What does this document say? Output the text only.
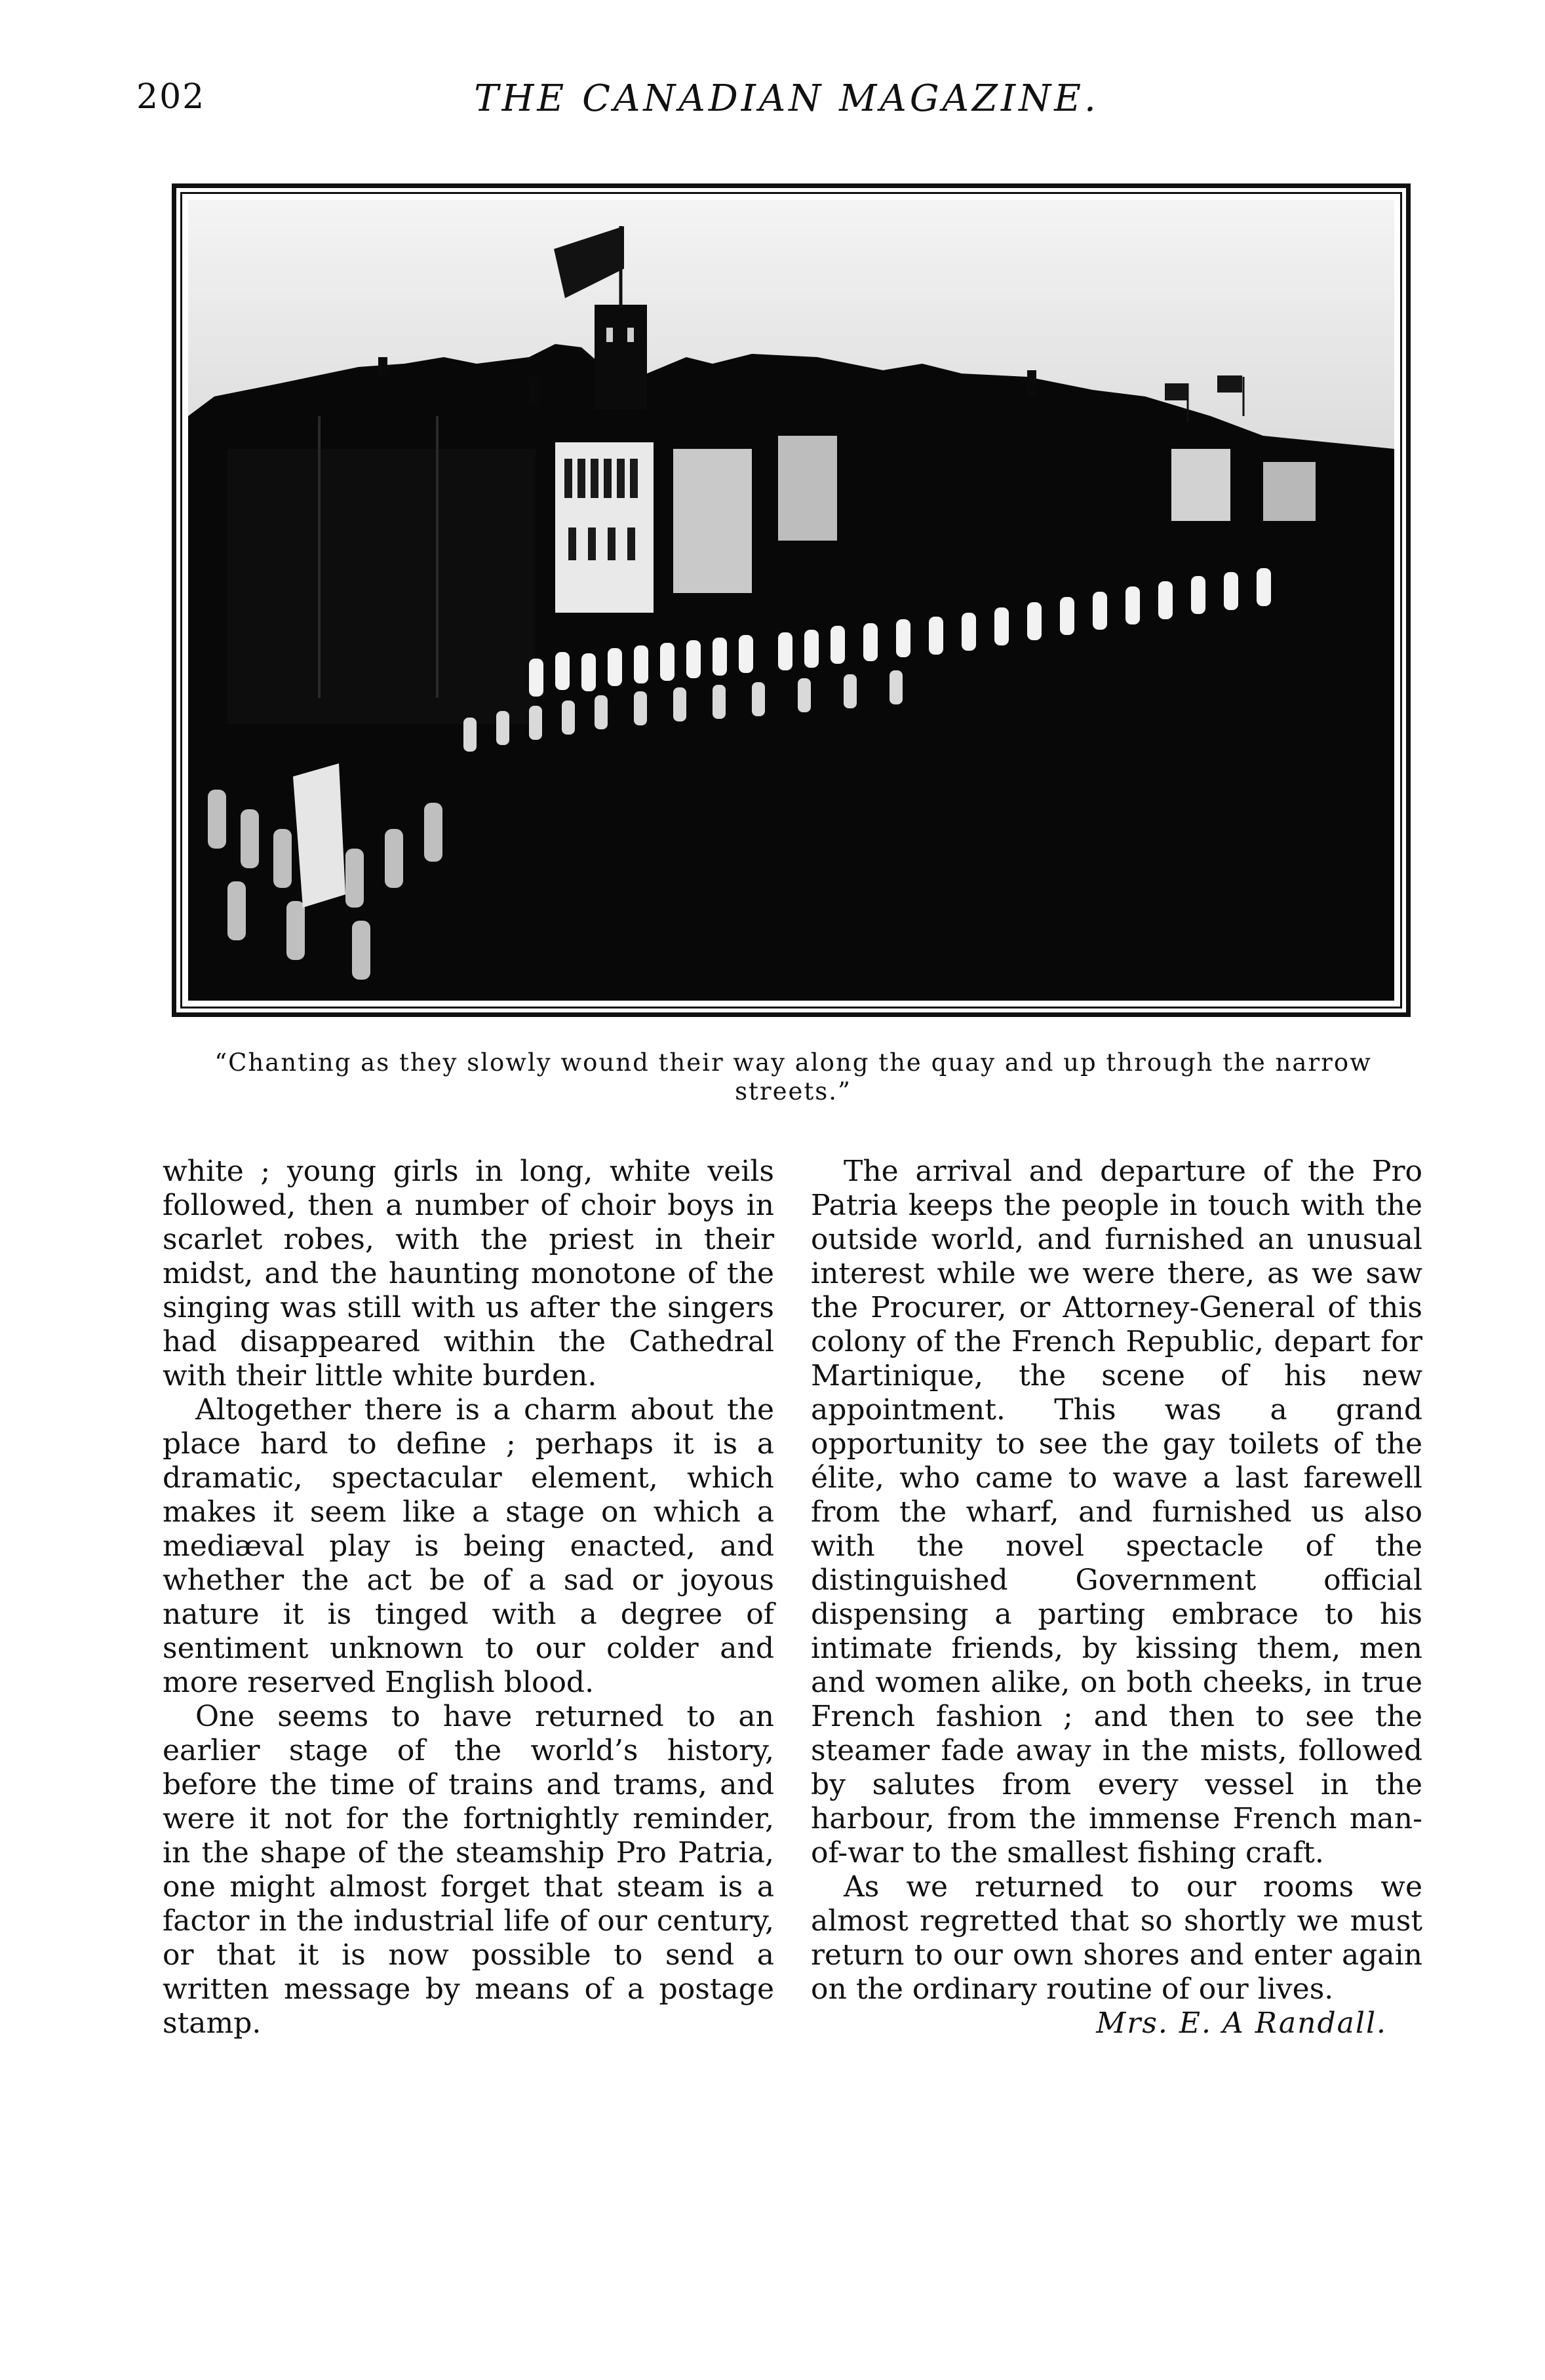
202	THE CANADIAN MAGAZINE.
“Chanting as they slowly wound their way along the quay and up through the narrow streets.”

white ; young girls in long, white veils followed, then a number of choir boys in scarlet robes, with the priest in their midst, and the haunting monotone of the singing was still with us after the singers had disappeared within the Cathedral with their little white burden.

Altogether there is a charm about the place hard to define ; perhaps it is a dramatic, spectacular element, which makes it seem like a stage on which a mediæval play is being enacted, and whether the act be of a sad or joyous nature it is tinged with a degree of sentiment unknown to our colder and more reserved English blood.

One seems to have returned to an earlier stage of the world’s history, before the time of trains and trams, and were it not for the fortnightly reminder, in the shape of the steamship Pro Patria, one might almost forget that steam is a factor in the industrial life of our century, or that it is now possible to send a written message by means of a postage stamp.

The arrival and departure of the Pro Patria keeps the people in touch with the outside world, and furnished an unusual interest while we were there, as we saw the Procurer, or Attorney-General of this colony of the French Republic, depart for Martinique, the scene of his new appointment. This was a grand opportunity to see the gay toilets of the élite, who came to wave a last farewell from the wharf, and furnished us also with the novel spectacle of the distinguished Government official dispensing a parting embrace to his intimate friends, by kissing them, men and women alike, on both cheeks, in true French fashion ; and then to see the steamer fade away in the mists, followed by salutes from every vessel in the harbour, from the immense French man-of-war to the smallest fishing craft.

As we returned to our rooms we almost regretted that so shortly we must return to our own shores and enter again on the ordinary routine of our lives.

Mrs. E. A Randall.
